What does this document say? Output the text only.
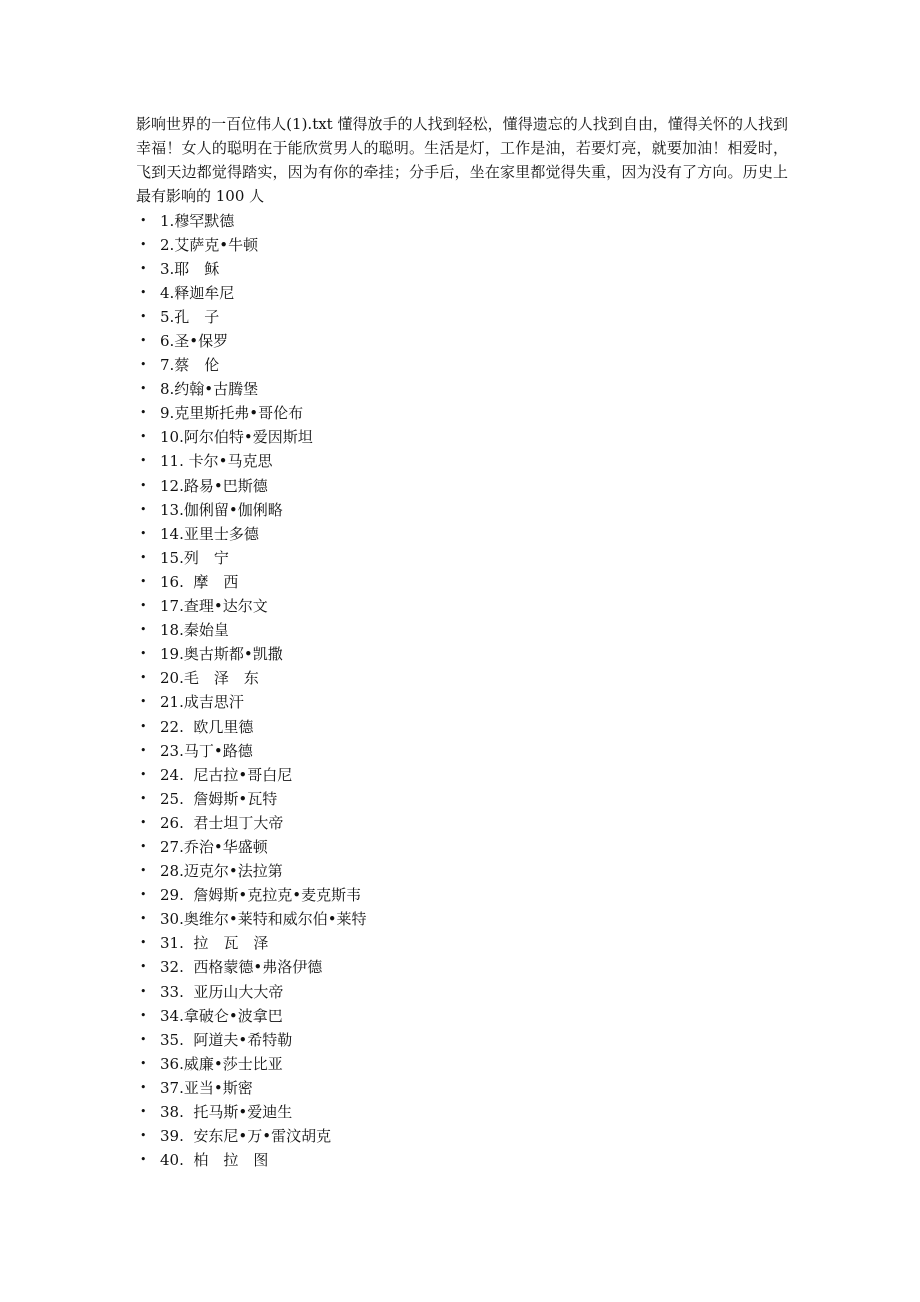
影响世界的一百位伟人(1).txt 懂得放手的人找到轻松，懂得遗忘的人找到自由，懂得关怀的人找到幸福！女人的聪明在于能欣赏男人的聪明。生活是灯，工作是油，若要灯亮，就要加油！相爱时，飞到天边都觉得踏实，因为有你的牵挂；分手后，坐在家里都觉得失重，因为没有了方向。历史上最有影响的 100 人

• 1.穆罕默德
• 2.艾萨克•牛顿
• 3.耶　稣
• 4.释迦牟尼
• 5.孔　子
• 6.圣•保罗
• 7.蔡　伦
• 8.约翰•古腾堡
• 9.克里斯托弗•哥伦布
• 10.阿尔伯特•爱因斯坦
• 11. 卡尔•马克思
• 12.路易•巴斯德
• 13.伽俐留•伽俐略
• 14.亚里士多德
• 15.列　宁
• 16.  摩　西
• 17.查理•达尔文
• 18.秦始皇
• 19.奥古斯都•凯撒
• 20.毛　泽　东
• 21.成吉思汗
• 22.  欧几里德
• 23.马丁•路德
• 24.  尼古拉•哥白尼
• 25.  詹姆斯•瓦特
• 26.  君士坦丁大帝
• 27.乔治•华盛顿
• 28.迈克尔•法拉第
• 29.  詹姆斯•克拉克•麦克斯韦
• 30.奥维尔•莱特和威尔伯•莱特
• 31.  拉　瓦　泽
• 32.  西格蒙德•弗洛伊德
• 33.  亚历山大大帝
• 34.拿破仑•波拿巴
• 35.  阿道夫•希特勒
• 36.威廉•莎士比亚
• 37.亚当•斯密
• 38.  托马斯•爱迪生
• 39.  安东尼•万•雷汶胡克
• 40.  柏　拉　图
